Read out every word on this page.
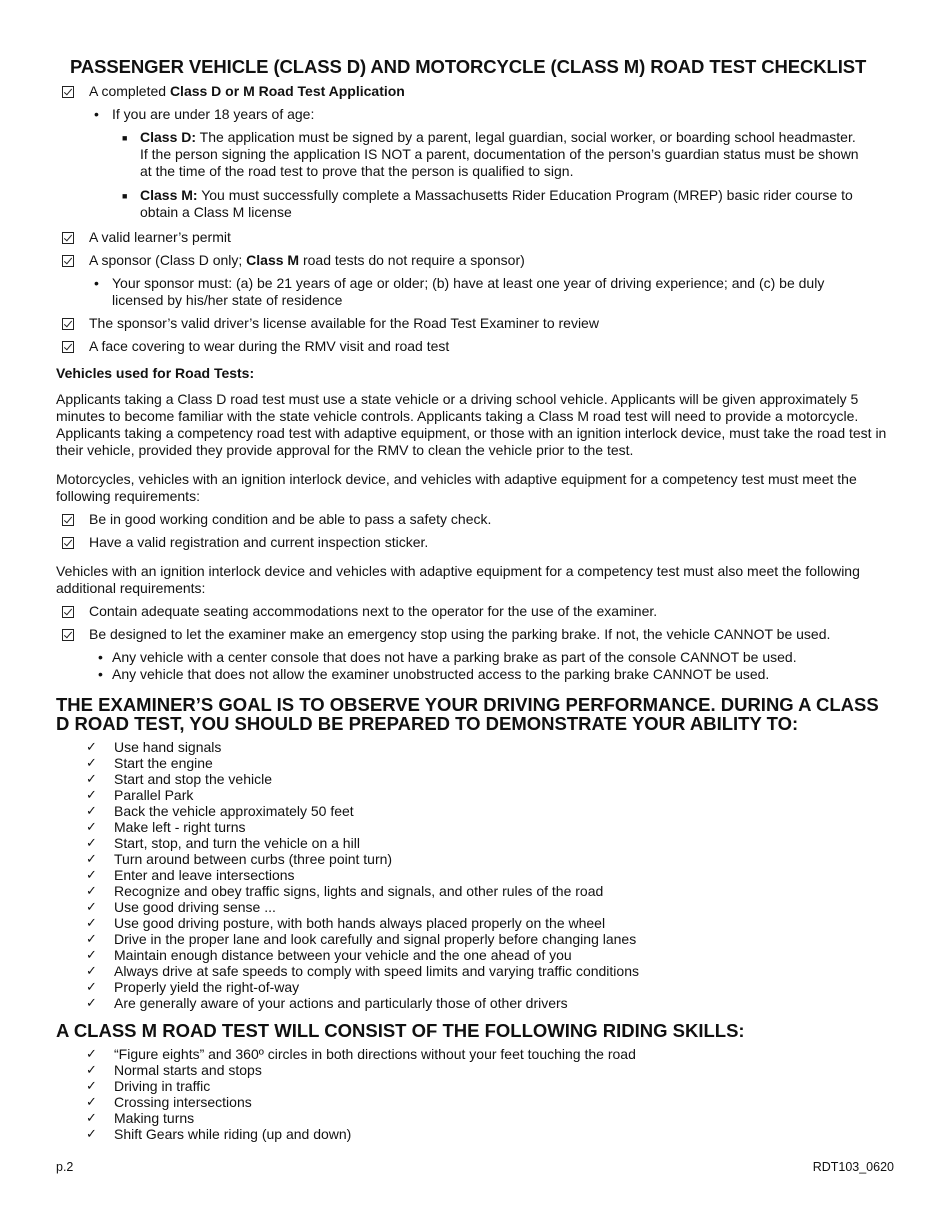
PASSENGER VEHICLE (CLASS D) AND MOTORCYCLE (CLASS M) ROAD TEST CHECKLIST
A completed Class D or M Road Test Application
• If you are under 18 years of age:
■ Class D: The application must be signed by a parent, legal guardian, social worker, or boarding school headmaster. If the person signing the application IS NOT a parent, documentation of the person’s guardian status must be shown at the time of the road test to prove that the person is qualified to sign.
■ Class M: You must successfully complete a Massachusetts Rider Education Program (MREP) basic rider course to obtain a Class M license
A valid learner’s permit
A sponsor (Class D only; Class M road tests do not require a sponsor)
• Your sponsor must: (a) be 21 years of age or older; (b) have at least one year of driving experience; and (c) be duly licensed by his/her state of residence
The sponsor’s valid driver’s license available for the Road Test Examiner to review
A face covering to wear during the RMV visit and road test
Vehicles used for Road Tests:

Applicants taking a Class D road test must use a state vehicle or a driving school vehicle. Applicants will be given approximately 5 minutes to become familiar with the state vehicle controls. Applicants taking a Class M road test will need to provide a motorcycle. Applicants taking a competency road test with adaptive equipment, or those with an ignition interlock device, must take the road test in their vehicle, provided they provide approval for the RMV to clean the vehicle prior to the test.

Motorcycles, vehicles with an ignition interlock device, and vehicles with adaptive equipment for a competency test must meet the following requirements:

Be in good working condition and be able to pass a safety check.
Have a valid registration and current inspection sticker.

Vehicles with an ignition interlock device and vehicles with adaptive equipment for a competency test must also meet the following additional requirements:

Contain adequate seating accommodations next to the operator for the use of the examiner.
Be designed to let the examiner make an emergency stop using the parking brake. If not, the vehicle CANNOT be used.
• Any vehicle with a center console that does not have a parking brake as part of the console CANNOT be used.
• Any vehicle that does not allow the examiner unobstructed access to the parking brake CANNOT be used.
THE EXAMINER’S GOAL IS TO OBSERVE YOUR DRIVING PERFORMANCE. DURING A CLASS D ROAD TEST, YOU SHOULD BE PREPARED TO DEMONSTRATE YOUR ABILITY TO:
✓	Use hand signals
✓	Start the engine
✓	Start and stop the vehicle
✓	Parallel Park
✓	Back the vehicle approximately 50 feet
✓	Make left - right turns
✓	Start, stop, and turn the vehicle on a hill
✓	Turn around between curbs (three point turn)
✓	Enter and leave intersections
✓	Recognize and obey traffic signs, lights and signals, and other rules of the road
✓	Use good driving sense ...
✓	Use good driving posture, with both hands always placed properly on the wheel
✓	Drive in the proper lane and look carefully and signal properly before changing lanes
✓	Maintain enough distance between your vehicle and the one ahead of you
✓	Always drive at safe speeds to comply with speed limits and varying traffic conditions
✓	Properly yield the right-of-way
✓	Are generally aware of your actions and particularly those of other drivers
A CLASS M ROAD TEST WILL CONSIST OF THE FOLLOWING RIDING SKILLS:
✓	“Figure eights” and 360º circles in both directions without your feet touching the road
✓	Normal starts and stops
✓	Driving in traffic
✓	Crossing intersections
✓	Making turns
✓	Shift Gears while riding (up and down)
p.2	RDT103_0620
